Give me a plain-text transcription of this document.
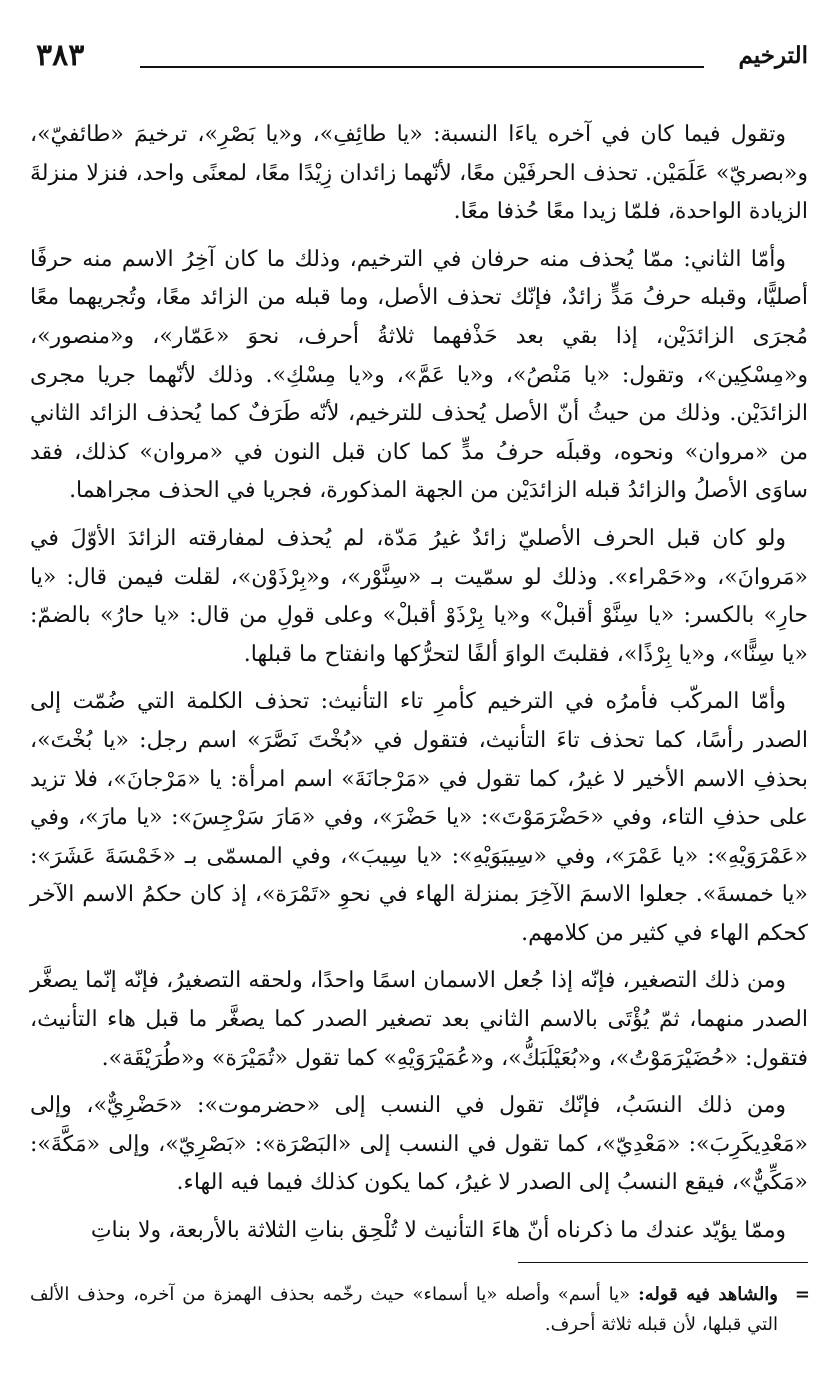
الترخيم
٣٨٣

وتقول فيما كان في آخره ياءَا النسبة: «يا طائِفِ»، و«يا بَصْرِ»، ترخيمَ «طائفيّ»، و«بصريّ» عَلَمَيْن. تحذف الحرفَيْن معًا، لأنّهما زائدان زِيْدًا معًا، لمعنًى واحد، فنزلا منزلةَ الزيادة الواحدة، فلمّا زيدا معًا حُذفا معًا.

وأمّا الثاني: ممّا يُحذف منه حرفان في الترخيم، وذلك ما كان آخِرُ الاسم منه حرفًا أصليًّا، وقبله حرفُ مَدٍّ زائدٌ، فإنّك تحذف الأصل، وما قبله من الزائد معًا، وتُجريهما معًا مُجرَى الزائدَيْن، إذا بقي بعد حَذْفهما ثلاثةُ أحرف، نحوَ «عَمّار»، و«منصور»، و«مِسْكِين»، وتقول: «يا مَنْصُ»، و«يا عَمَّ»، و«يا مِسْكِ». وذلك لأنّهما جريا مجرى الزائدَيْن. وذلك من حيثُ أنّ الأصل يُحذف للترخيم، لأنّه طَرَفٌ كما يُحذف الزائد الثاني من «مروان» ونحوه، وقبلَه حرفُ مدٍّ كما كان قبل النون في «مروان» كذلك، فقد ساوَى الأصلُ والزائدُ قبله الزائدَيْن من الجهة المذكورة، فجريا في الحذف مجراهما.

ولو كان قبل الحرف الأصليّ زائدٌ غيرُ مَدّة، لم يُحذف لمفارقته الزائدَ الأوّلَ في «مَروانَ»، و«حَمْراء». وذلك لو سمّيت بـ «سِنَّوْر»، و«بِرْذَوْن»، لقلت فيمن قال: «يا حارِ» بالكسر: «يا سِنَّوْ أقبلْ» و«يا بِرْذَوْ أقبلْ» وعلى قولِ من قال: «يا حارُ» بالضمّ: «يا سِنًّا»، و«يا بِرْذًا»، فقلبتَ الواوَ ألفًا لتحرُّكها وانفتاح ما قبلها.

وأمّا المركّب فأمرُه في الترخيم كأمرِ تاء التأنيث: تحذف الكلمة التي ضُمّت إلى الصدر رأسًا، كما تحذف تاءَ التأنيث، فتقول في «بُخْتَ نَصَّرَ» اسم رجل: «يا بُخْتَ»، بحذفِ الاسم الأخير لا غيرُ، كما تقول في «مَرْجانَةَ» اسم امرأة: يا «مَرْجانَ»، فلا تزيد على حذفِ التاء، وفي «حَضْرَمَوْتَ»: «يا حَضْرَ»، وفي «مَارَ سَرْجِسَ»: «يا مارَ»، وفي «عَمْرَوَيْهِ»: «يا عَمْرَ»، وفي «سِيبَوَيْهِ»: «يا سِيبَ»، وفي المسمّى بـ «خَمْسَةَ عَشَرَ»: «يا خمسةَ». جعلوا الاسمَ الآخِرَ بمنزلة الهاء في نحوِ «تَمْرَة»، إذ كان حكمُ الاسم الآخر كحكم الهاء في كثير من كلامهم.

ومن ذلك التصغير، فإنّه إذا جُعل الاسمان اسمًا واحدًا، ولحقه التصغيرُ، فإنّه إنّما يصغَّر الصدر منهما، ثمّ يُؤْتَى بالاسم الثاني بعد تصغير الصدر كما يصغَّر ما قبل هاء التأنيث، فتقول: «حُضَيْرَمَوْتُ»، و«بُعَيْلَبَكُّ»، و«عُمَيْرَوَيْهِ» كما تقول «تُمَيْرَة» و«طُرَيْقَة».

ومن ذلك النسَبُ، فإنّك تقول في النسب إلى «حضرموت»: «حَضْرِيٌّ»، وإلى «مَعْدِيكَرِبَ»: «مَعْدِيّ»، كما تقول في النسب إلى «البَصْرَة»: «بَصْرِيّ»، وإلى «مَكَّةَ»: «مَكِّيٌّ»، فيقع النسبُ إلى الصدر لا غيرُ، كما يكون كذلك فيما فيه الهاء.

وممّا يؤيّد عندك ما ذكرناه أنّ هاءَ التأنيث لا تُلْحِق بناتِ الثلاثة بالأربعة، ولا بناتِ

=
والشاهد فيه قوله: «يا أسم» وأصله «يا أسماء» حيث رخّمه بحذف الهمزة من آخره، وحذف الألف التي قبلها، لأن قبله ثلاثة أحرف.
